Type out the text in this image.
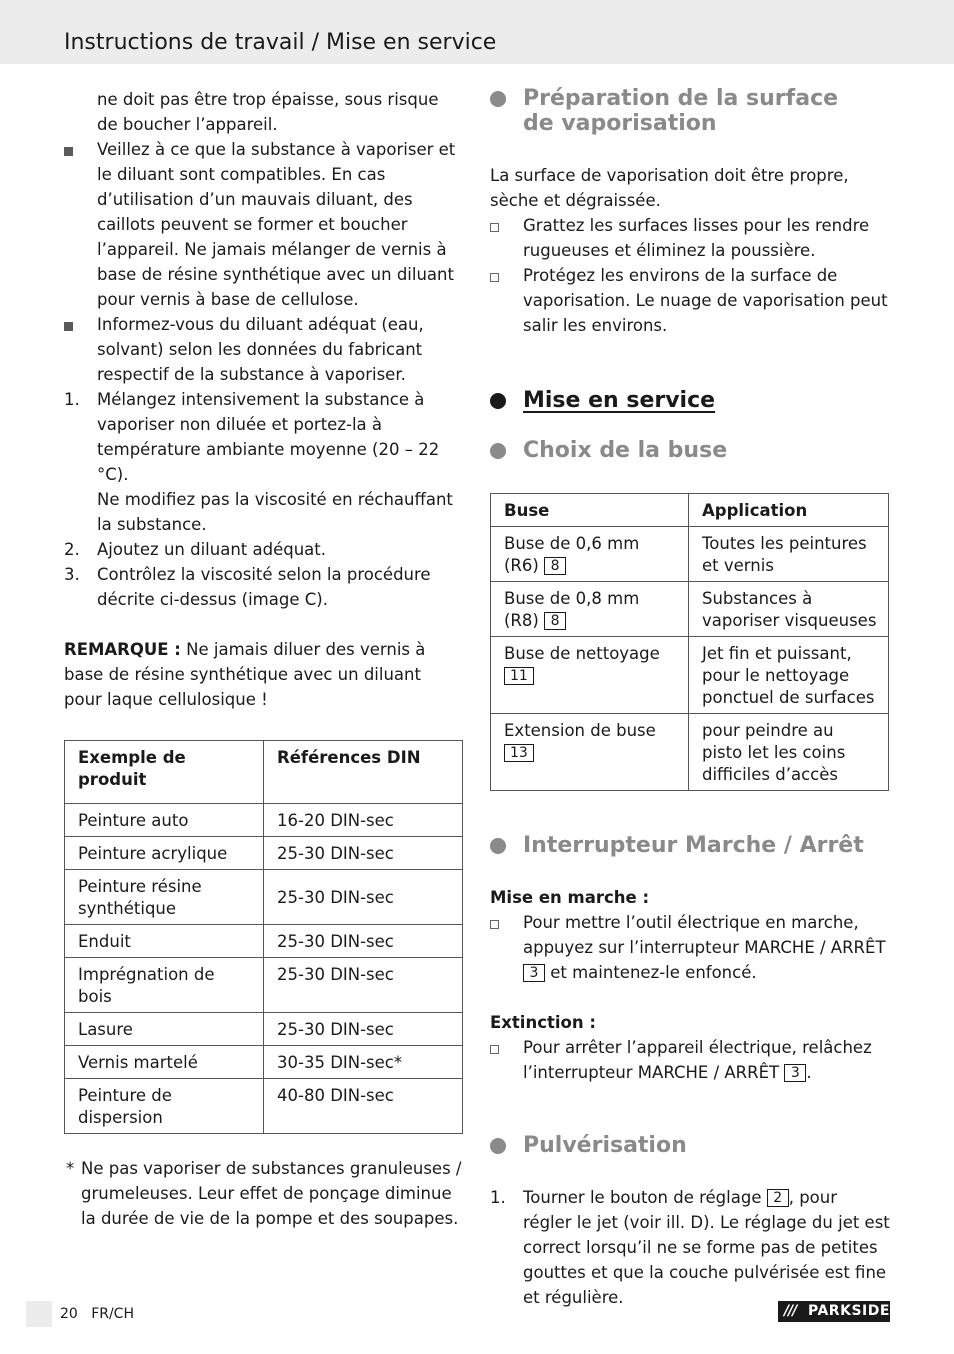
Instructions de travail / Mise en service

ne doit pas être trop épaisse, sous risque de boucher l’appareil.

Veillez à ce que la substance à vaporiser et le diluant sont compatibles. En cas d’utilisation d’un mauvais diluant, des caillots peuvent se former et boucher l’appareil. Ne jamais mélanger de vernis à base de résine synthétique avec un diluant pour vernis à base de cellulose.
Informez-vous du diluant adéquat (eau, solvant) selon les données du fabricant respectif de la substance à vaporiser.
1. Mélangez intensivement la substance à vaporiser non diluée et portez-la à température ambiante moyenne (20 – 22 °C).
Ne modifiez pas la viscosité en réchauffant la substance.
2. Ajoutez un diluant adéquat.
3. Contrôlez la viscosité selon la procédure décrite ci-dessus (image C).

REMARQUE : Ne jamais diluer des vernis à base de résine synthétique avec un diluant pour laque cellulosique !

Exemple de produit	Références DIN
Peinture auto	16-20 DIN-sec
Peinture acrylique	25-30 DIN-sec
Peinture résine synthétique	25-30 DIN-sec
Enduit	25-30 DIN-sec
Imprégnation de bois	25-30 DIN-sec
Lasure	25-30 DIN-sec
Vernis martelé	30-35 DIN-sec*
Peinture de dispersion	40-80 DIN-sec
* Ne pas vaporiser de substances granuleuses / grumeleuses. Leur effet de ponçage diminue la durée de vie de la pompe et des soupapes.
Préparation de la surface de vaporisation

La surface de vaporisation doit être propre, sèche et dégraissée.

Grattez les surfaces lisses pour les rendre rugueuses et éliminez la poussière.
Protégez les environs de la surface de vaporisation. Le nuage de vaporisation peut salir les environs.
Mise en service
Choix de la buse
Buse	Application
Buse de 0,6 mm (R6) 8	Toutes les peintures et vernis
Buse de 0,8 mm (R8) 8	Substances à vaporiser visqueuses
Buse de nettoyage 11	Jet fin et puissant, pour le nettoyage ponctuel de surfaces
Extension de buse 13	pour peindre au pisto let les coins difficiles d’accès
Interrupteur Marche / Arrêt

Mise en marche :

Pour mettre l’outil électrique en marche, appuyez sur l’interrupteur MARCHE / ARRÊT 3 et maintenez-le enfoncé.

Extinction :

Pour arrêter l’appareil électrique, relâchez l’interrupteur MARCHE / ARRÊT 3 .
Pulvérisation
1. Tourner le bouton de réglage 2 , pour régler le jet (voir ill. D). Le réglage du jet est correct lorsqu’il ne se forme pas de petites gouttes et que la couche pulvérisée est fine et régulière.
20 FR/CH	/// PARKSIDE
